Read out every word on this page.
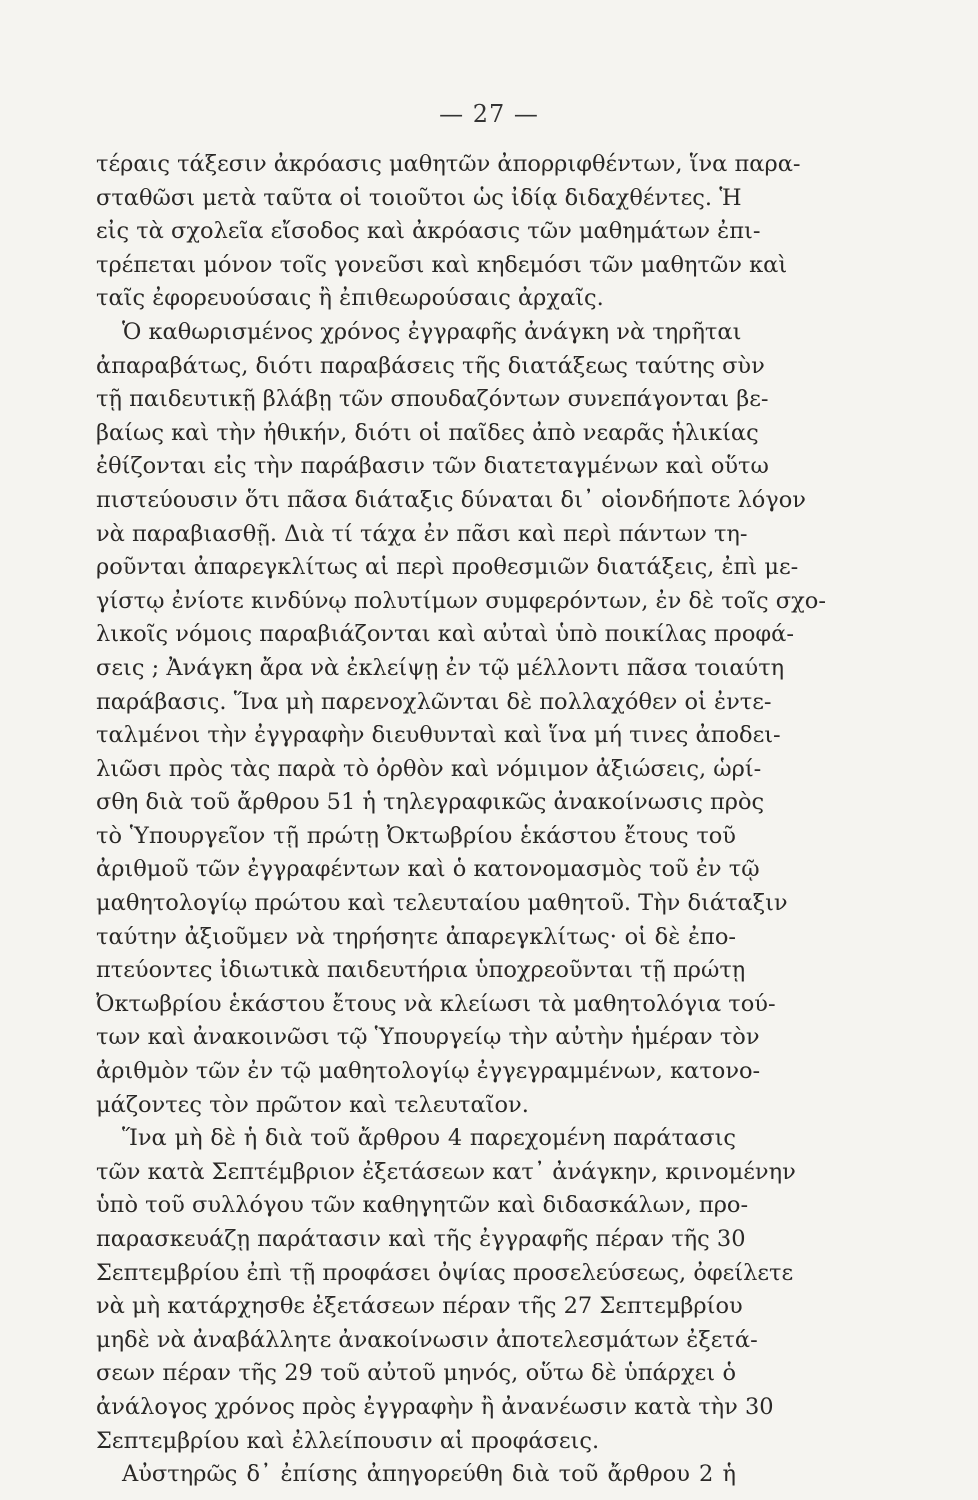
— 27 —
τέραις τάξεσιν ἀκρόασις μαθητῶν ἀπορριφθέντων, ἵνα παρα-
σταθῶσι μετὰ ταῦτα οἱ τοιοῦτοι ὡς ἰδίᾳ διδαχθέντες. Ἡ
εἰς τὰ σχολεῖα εἴσοδος καὶ ἀκρόασις τῶν μαθημάτων ἐπι-
τρέπεται μόνον τοῖς γονεῦσι καὶ κηδεμόσι τῶν μαθητῶν καὶ
ταῖς ἐφορευούσαις ἢ ἐπιθεωρούσαις ἀρχαῖς.
Ὁ καθωρισμένος χρόνος ἐγγραφῆς ἀνάγκη νὰ τηρῆται
ἀπαραβάτως, διότι παραβάσεις τῆς διατάξεως ταύτης σὺν
τῇ παιδευτικῇ βλάβῃ τῶν σπουδαζόντων συνεπάγονται βε-
βαίως καὶ τὴν ἠθικήν, διότι οἱ παῖδες ἀπὸ νεαρᾶς ἡλικίας
ἐθίζονται εἰς τὴν παράβασιν τῶν διατεταγμένων καὶ οὕτω
πιστεύουσιν ὅτι πᾶσα διάταξις δύναται δι᾽ οἱονδήποτε λόγον
νὰ παραβιασθῇ. Διὰ τί τάχα ἐν πᾶσι καὶ περὶ πάντων τη-
ροῦνται ἀπαρεγκλίτως αἱ περὶ προθεσμιῶν διατάξεις, ἐπὶ με-
γίστῳ ἐνίοτε κινδύνῳ πολυτίμων συμφερόντων, ἐν δὲ τοῖς σχο-
λικοῖς νόμοις παραβιάζονται καὶ αὐταὶ ὑπὸ ποικίλας προφά-
σεις ; Ἀνάγκη ἄρα νὰ ἐκλείψῃ ἐν τῷ μέλλοντι πᾶσα τοιαύτη
παράβασις. Ἵνα μὴ παρενοχλῶνται δὲ πολλαχόθεν οἱ ἐντε-
ταλμένοι τὴν ἐγγραφὴν διευθυνταὶ καὶ ἵνα μή τινες ἀποδει-
λιῶσι πρὸς τὰς παρὰ τὸ ὀρθὸν καὶ νόμιμον ἀξιώσεις, ὡρί-
σθη διὰ τοῦ ἄρθρου 51 ἡ τηλεγραφικῶς ἀνακοίνωσις πρὸς
τὸ Ὑπουργεῖον τῇ πρώτῃ Ὀκτωβρίου ἑκάστου ἔτους τοῦ
ἀριθμοῦ τῶν ἐγγραφέντων καὶ ὁ κατονομασμὸς τοῦ ἐν τῷ
μαθητολογίῳ πρώτου καὶ τελευταίου μαθητοῦ. Τὴν διάταξιν
ταύτην ἀξιοῦμεν νὰ τηρήσητε ἀπαρεγκλίτως· οἱ δὲ ἐπο-
πτεύοντες ἰδιωτικὰ παιδευτήρια ὑποχρεοῦνται τῇ πρώτῃ
Ὀκτωβρίου ἑκάστου ἔτους νὰ κλείωσι τὰ μαθητολόγια τού-
των καὶ ἀνακοινῶσι τῷ Ὑπουργείῳ τὴν αὐτὴν ἡμέραν τὸν
ἀριθμὸν τῶν ἐν τῷ μαθητολογίῳ ἐγγεγραμμένων, κατονο-
μάζοντες τὸν πρῶτον καὶ τελευταῖον.
Ἵνα μὴ δὲ ἡ διὰ τοῦ ἄρθρου 4 παρεχομένη παράτασις
τῶν κατὰ Σεπτέμβριον ἐξετάσεων κατ᾽ ἀνάγκην, κρινομένην
ὑπὸ τοῦ συλλόγου τῶν καθηγητῶν καὶ διδασκάλων, προ-
παρασκευάζῃ παράτασιν καὶ τῆς ἐγγραφῆς πέραν τῆς 30
Σεπτεμβρίου ἐπὶ τῇ προφάσει ὀψίας προσελεύσεως, ὀφείλετε
νὰ μὴ κατάρχησθε ἐξετάσεων πέραν τῆς 27 Σεπτεμβρίου
μηδὲ νὰ ἀναβάλλητε ἀνακοίνωσιν ἀποτελεσμάτων ἐξετά-
σεων πέραν τῆς 29 τοῦ αὐτοῦ μηνός, οὕτω δὲ ὑπάρχει ὁ
ἀνάλογος χρόνος πρὸς ἐγγραφὴν ἢ ἀνανέωσιν κατὰ τὴν 30
Σεπτεμβρίου καὶ ἐλλείπουσιν αἱ προφάσεις.
Αὐστηρῶς δ᾽ ἐπίσης ἀπηγορεύθη διὰ τοῦ ἄρθρου 2 ἡ
